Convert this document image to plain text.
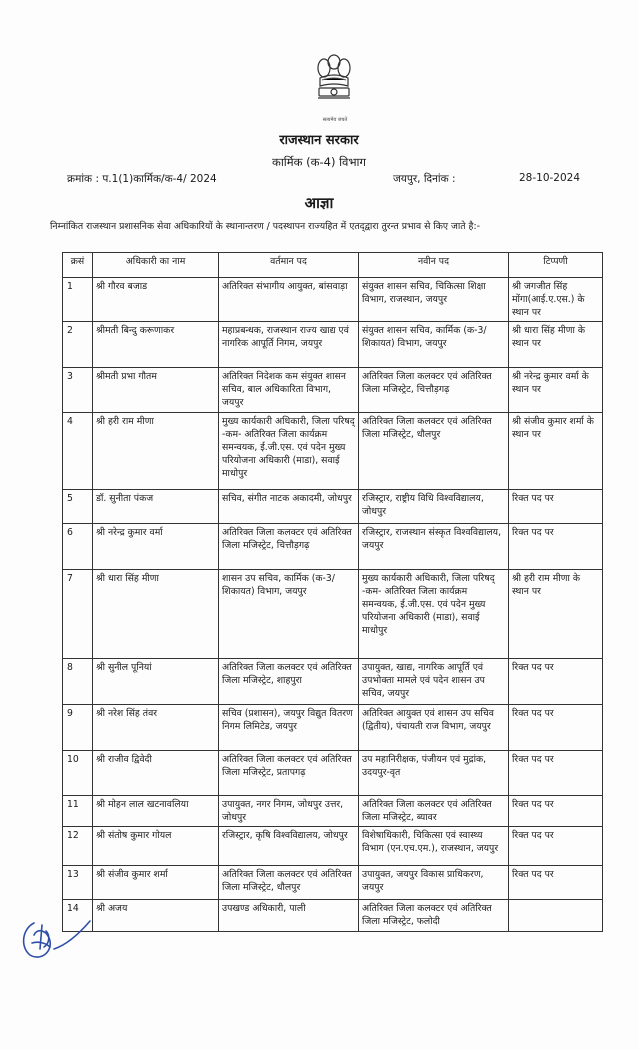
सत्यमेव जयते
राजस्थान सरकार
कार्मिक (क-4) विभाग
क्रमांक : प.1(1)कार्मिक/क-4/ 2024	जयपुर, दिनांक :	28-10-2024
आज्ञा
निम्नांकित राजस्थान प्रशासनिक सेवा अधिकारियों के स्थानान्तरण / पदस्थापन राज्यहित में एतद्‌द्वारा तुरन्त प्रभाव से किए जाते है:-
क्रसं	अधिकारी का नाम	वर्तमान पद	नवीन पद	टिप्पणी
1	श्री गौरव बजाड	अतिरिक्त संभागीय आयुक्त, बांसवाड़ा	संयुक्त शासन सचिव, चिकित्सा शिक्षा विभाग, राजस्थान, जयपुर	श्री जगजीत सिंह मोंगा(आई.ए.एस.) के स्थान पर
2	श्रीमती बिन्दु करूणाकर	महाप्रबन्धक, राजस्थान राज्य खाद्य एवं नागरिक आपूर्ति निगम, जयपुर	संयुक्त शासन सचिव, कार्मिक (क-3/शिकायत) विभाग, जयपुर	श्री धारा सिंह मीणा के स्थान पर
3	श्रीमती प्रभा गौतम	अतिरिक्त निदेशक कम संयुक्त शासन सचिव, बाल अधिकारिता विभाग, जयपुर	अतिरिक्त जिला कलक्टर एवं अतिरिक्त जिला मजिस्ट्रेट, चित्तौड़गढ़	श्री नरेन्द्र कुमार वर्मा के स्थान पर
4	श्री हरी राम मीणा	मुख्य कार्यकारी अधिकारी, जिला परिषद् -कम- अतिरिक्त जिला कार्यक्रम समन्वयक, ई.जी.एस. एवं पदेन मुख्य परियोजना अधिकारी (माडा), सवाई माधोपुर	अतिरिक्त जिला कलक्टर एवं अतिरिक्त जिला मजिस्ट्रेट, धौलपुर	श्री संजीव कुमार शर्मा के स्थान पर
5	डॉ. सुनीता पंकज	सचिव, संगीत नाटक अकादमी, जोधपुर	रजिस्ट्रार, राष्ट्रीय विधि विश्वविद्यालय, जोधपुर	रिक्त पद पर
6	श्री नरेन्द्र कुमार वर्मा	अतिरिक्त जिला कलक्टर एवं अतिरिक्त जिला मजिस्ट्रेट, चित्तौड़गढ़	रजिस्ट्रार, राजस्थान संस्कृत विश्वविद्यालय, जयपुर	रिक्त पद पर
7	श्री धारा सिंह मीणा	शासन उप सचिव, कार्मिक (क-3/शिकायत) विभाग, जयपुर	मुख्य कार्यकारी अधिकारी, जिला परिषद् -कम- अतिरिक्त जिला कार्यक्रम समन्वयक, ई.जी.एस. एवं पदेन मुख्य परियोजना अधिकारी (माडा), सवाई माधोपुर	श्री हरी राम मीणा के स्थान पर
8	श्री सुनील पूनियां	अतिरिक्त जिला कलक्टर एवं अतिरिक्त जिला मजिस्ट्रेट, शाहपुरा	उपायुक्त, खाद्य, नागरिक आपूर्ति एवं उपभोक्ता मामले एवं पदेन शासन उप सचिव, जयपुर	रिक्त पद पर
9	श्री नरेश सिंह तंवर	सचिव (प्रशासन), जयपुर विद्युत वितरण निगम लिमिटेड, जयपुर	अतिरिक्त आयुक्त एवं शासन उप सचिव (द्वितीय), पंचायती राज विभाग, जयपुर	रिक्त पद पर
10	श्री राजीव द्विवेदी	अतिरिक्त जिला कलक्टर एवं अतिरिक्त जिला मजिस्ट्रेट, प्रतापगढ़	उप महानिरीक्षक, पंजीयन एवं मुद्रांक, उदयपुर-वृत	रिक्त पद पर
11	श्री मोहन लाल खटनावलिया	उपायुक्त, नगर निगम, जोधपुर उत्तर, जोधपुर	अतिरिक्त जिला कलक्टर एवं अतिरिक्त जिला मजिस्ट्रेट, ब्यावर	रिक्त पद पर
12	श्री संतोष कुमार गोयल	रजिस्ट्रार, कृषि विश्वविद्यालय, जोधपुर	विशेषाधिकारी, चिकित्सा एवं स्वास्थ्य विभाग (एन.एच.एम.), राजस्थान, जयपुर	रिक्त पद पर
13	श्री संजीव कुमार शर्मा	अतिरिक्त जिला कलक्टर एवं अतिरिक्त जिला मजिस्ट्रेट, धौलपुर	उपायुक्त, जयपुर विकास प्राधिकरण, जयपुर	रिक्त पद पर
14	श्री अजय	उपखण्ड अधिकारी, पाली	अतिरिक्त जिला कलक्टर एवं अतिरिक्त जिला मजिस्ट्रेट, फलोदी	
